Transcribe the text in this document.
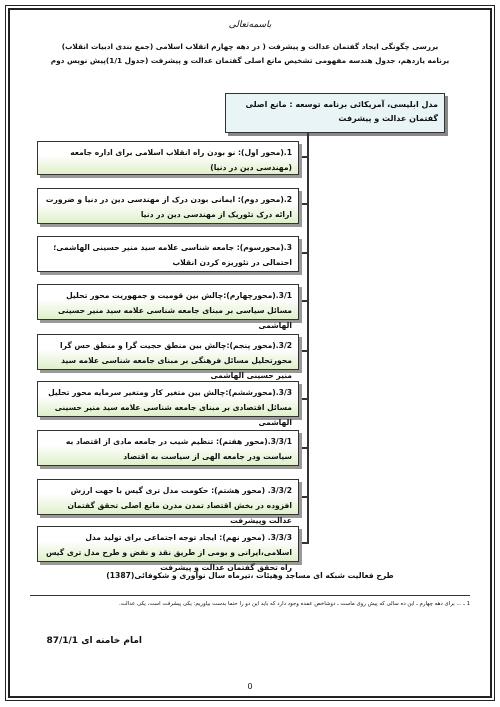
باسمه‌تعالی
بررسی چگونگی ایجاد گفتمان عدالت و پیشرفت ( در دهه چهارم انقلاب اسلامی (جمع بندی ادبیات انقلاب)
برنامه یازدهم، جدول هندسه مفهومی تشخیص مانع اصلی گفتمان عدالت و پیشرفت (جدول 1/1)پیش نویس دوم
مدل ابلیسی، آمریکائی برنامه توسعه : مانع اصلی گفتمان عدالت و پیشرفت
1.(محور اول): نو بودن راه انقلاب اسلامی برای اداره جامعه (مهندسی دین در دنیا)
2.(محور دوم): ایمانی بودن درک از مهندسی دین در دنیا و ضرورت ارائه درک تئوریک از مهندسی دین در دنیا
3.(محورسوم): جامعه شناسی علامه سید منیر حسینی الهاشمی؛ احتمالی در تئوریزه کردن انقلاب
3/1.(محورچهارم):چالش بین قومیت و جمهوریت محور تحلیل مسائل سیاسی بر مبنای جامعه شناسی علامه سید منیر حسینی الهاشمی
3/2.(محور پنجم):چالش بین منطق حجیت گرا و منطق حس گرا محورتحلیل مسائل فرهنگی بر مبنای جامعه شناسی علامه سید منیر حسینی الهاشمی
3/3.(محورششم):چالش بین متغیر کار ومتغیر سرمایه محور تحلیل مسائل اقتصادی بر مبنای جامعه شناسی علامه سید منیر حسینی الهاشمی
3/3/1.(محور هفتم): تنظیم شیب در جامعه مادی از اقتصاد به سیاست ودر جامعه الهی از سیاست به اقتصاد
3/3/2. (محور هشتم): حکومت مدل تری گیس با جهت ارزش افزوده در بخش اقتصاد تمدن مدرن مانع اصلی تحقق گفتمان عدالت وپیشرفت
3/3/3. (محور نهم): ایجاد توجه اجتماعی برای تولید مدل اسلامی،ایرانی و بومی از طریق نقد و نقض و طرح مدل تری گیس راه تحقق گفتمان عدالت و پیشرفت
طرح فعالیت شبکه ای مساجد وهیئات ،تیرماه سال نوآوری و شکوفائی(1387)
1 ـ ... برای دهه چهارم ـ این ده سالی که پیش روی ماست ـ دوشاخص عمده وجود دارد که باید این دو را حتما بدست بیاوریم: یکی پیشرفت است، یکی عدالت.
امام خامنه ای 87/1/1
0
